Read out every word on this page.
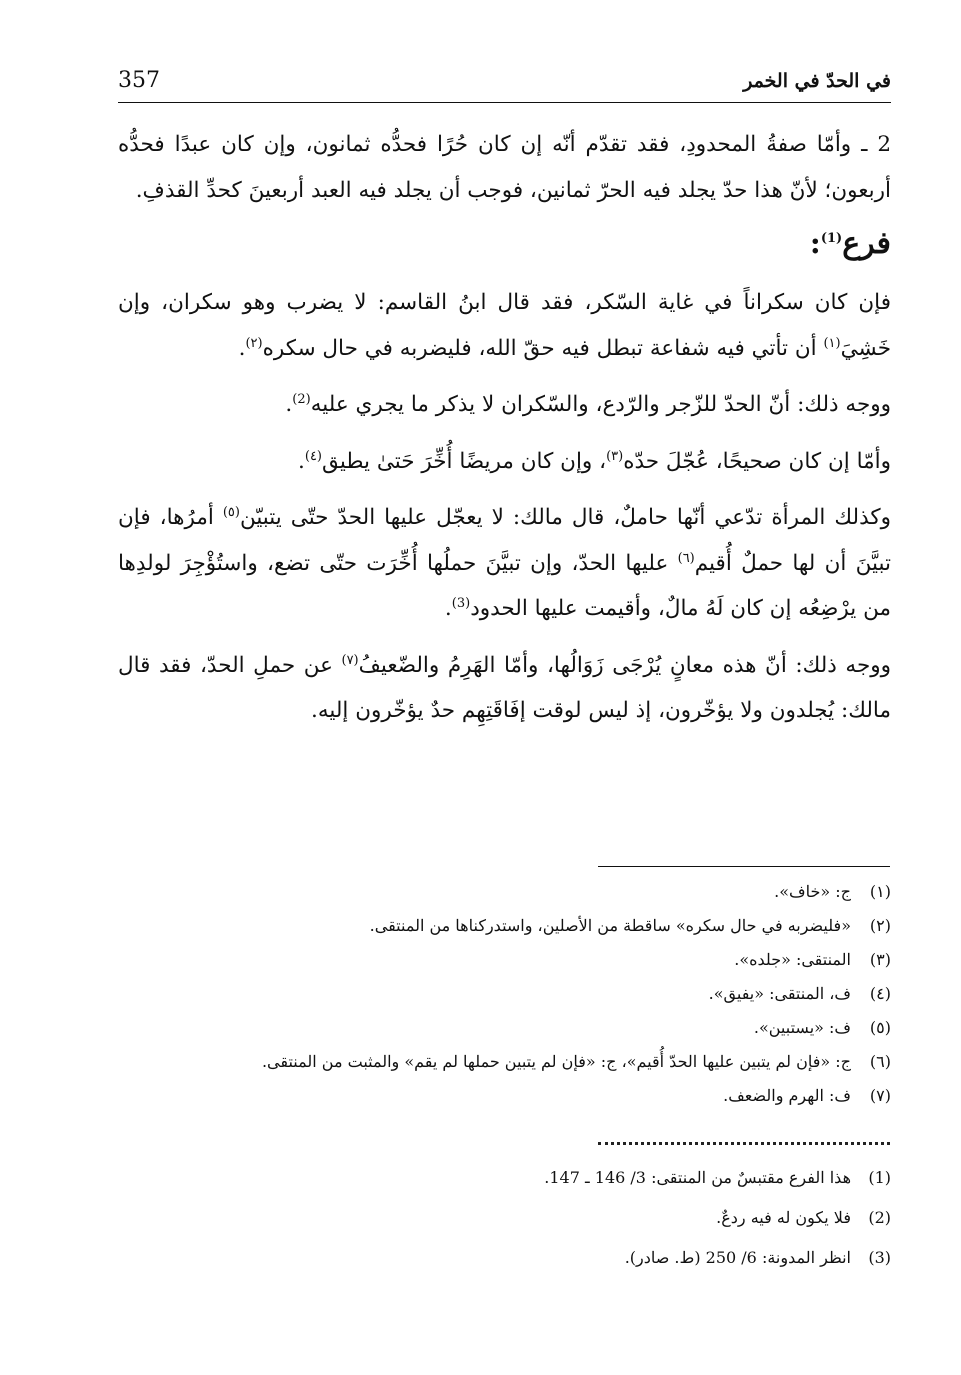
357	في الحدّ في الخمر

2 ـ وأمّا صفةُ المحدودِ، فقد تقدّم أنّه إن كان حُرًا فحدُّه ثمانون، وإن كان عبدًا فحدُّه أربعون؛ لأنّ هذا حدّ يجلد فيه الحرّ ثمانين، فوجب أن يجلد فيه العبد أربعينَ كحدِّ القذفِ.

فرع$^{(1)}$:

فإن كان سكراناً في غاية السّكر، فقد قال ابنُ القاسم: لا يضرب وهو سكران، وإن خَشِيَ$^{(١)}$ أن تأتي فيه شفاعة تبطل فيه حقّ الله، فليضربه في حال سكره$^{(٢)}$.

ووجه ذلك: أنّ الحدّ للزّجر والرّدع، والسّكران لا يذكر ما يجري عليه$^{(2)}$.

وأمّا إن كان صحيحًا، عُجّلَ حدّه$^{(٣)}$، وإن كان مريضًا أُخِّرَ حَتىٰ يطيق$^{(٤)}$.

وكذلك المرأة تدّعي أنّها حاملٌ، قال مالك: لا يعجّل عليها الحدّ حتّى يتبيّن$^{(٥)}$ أمرُها، فإن تبيَّنَ أن لها حملٌ أُقيم$^{(٦)}$ عليها الحدّ، وإن تبيَّنَ حملُها أُخِّرَت حتّى تضع، واستُؤْجِرَ لولدِها من يرْضِعُه إن كان لَهُ مالٌ، وأقيمت عليها الحدود$^{(3)}$.

ووجه ذلك: أنّ هذه معانٍ يُرْجَى زَوَالُها، وأمّا الهَرِمُ والضّعيفُ$^{(٧)}$ عن حملِ الحدّ، فقد قال مالك: يُجلدون ولا يؤخّرون، إذ ليس لوقت إفَاقَتِهِم حدٌ يؤخّرون إليه.

(١)
ج: «خاف».
(٢)
«فليضربه في حال سكره» ساقطة من الأصلين، واستدركناها من المنتقى.
(٣)
المنتقى: «جلده».
(٤)
ف، المنتقى: «يفيق».
(٥)
ف: «يستبين».
(٦)
ج: «فإن لم يتبين عليها الحدّ أُقيم»، ج: «فإن لم يتبين حملها لم يقم» والمثبت من المنتقى.
(٧)
ف: الهرم والضعف.
(1)
هذا الفرع مقتبسٌ من المنتقى: 3/ 146 ـ 147.
(2)
فلا يكون له فيه ردعٌ.
(3)
انظر المدونة: 6/ 250 (ط. صادر).
